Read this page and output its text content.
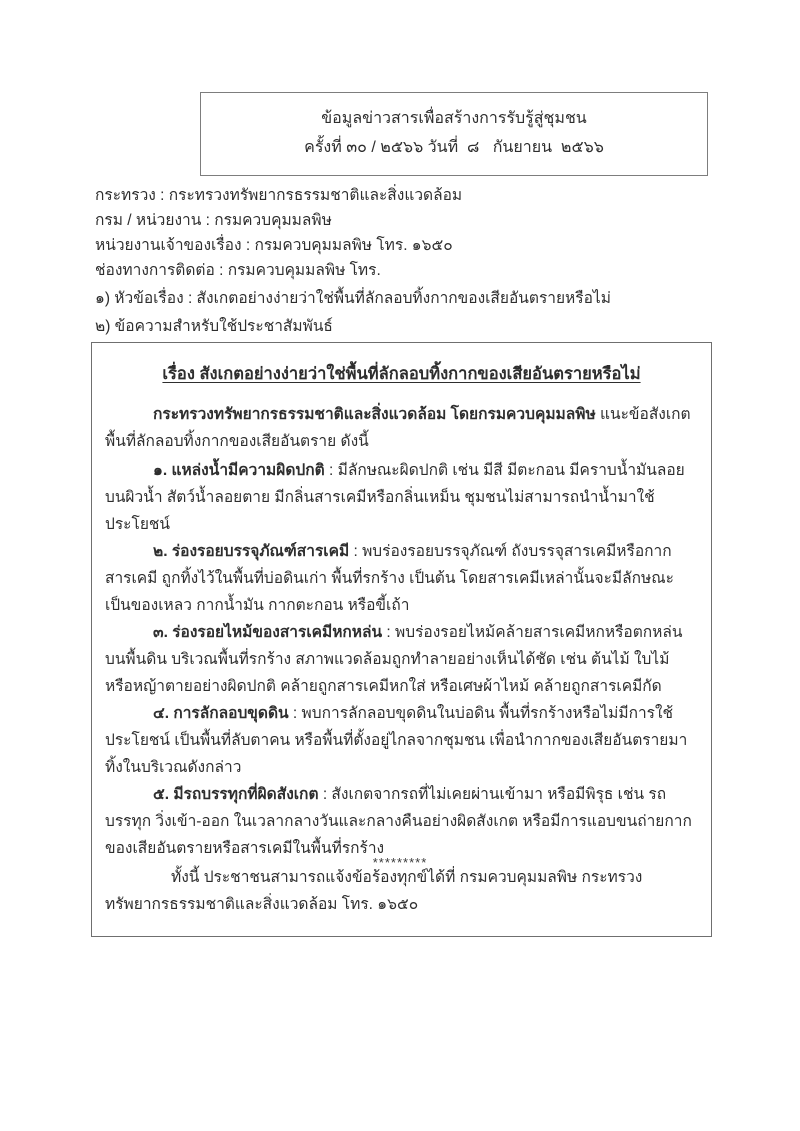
ข้อมูลข่าวสารเพื่อสร้างการรับรู้สู่ชุมชน
ครั้งที่ ๓๐ / ๒๕๖๖ วันที่  ๘   กันยายน  ๒๕๖๖
กระทรวง : กระทรวงทรัพยากรธรรมชาติและสิ่งแวดล้อม
กรม / หน่วยงาน : กรมควบคุมมลพิษ
หน่วยงานเจ้าของเรื่อง : กรมควบคุมมลพิษ โทร. ๑๖๕๐
ช่องทางการติดต่อ : กรมควบคุมมลพิษ โทร.
๑) หัวข้อเรื่อง : สังเกตอย่างง่ายว่าใช่พื้นที่ลักลอบทิ้งกากของเสียอันตรายหรือไม่
๒) ข้อความสำหรับใช้ประชาสัมพันธ์
เรื่อง สังเกตอย่างง่ายว่าใช่พื้นที่ลักลอบทิ้งกากของเสียอันตรายหรือไม่

กระทรวงทรัพยากรธรรมชาติและสิ่งแวดล้อม โดยกรมควบคุมมลพิษ แนะข้อสังเกตพื้นที่ลักลอบทิ้งกากของเสียอันตราย ดังนี้

๑. แหล่งน้ำมีความผิดปกติ : มีลักษณะผิดปกติ เช่น มีสี มีตะกอน มีคราบน้ำมันลอยบนผิวน้ำ สัตว์น้ำลอยตาย มีกลิ่นสารเคมีหรือกลิ่นเหม็น ชุมชนไม่สามารถนำน้ำมาใช้ประโยชน์

๒. ร่องรอยบรรจุภัณฑ์สารเคมี : พบร่องรอยบรรจุภัณฑ์ ถังบรรจุสารเคมีหรือกากสารเคมี ถูกทิ้งไว้ในพื้นที่บ่อดินเก่า พื้นที่รกร้าง เป็นต้น โดยสารเคมีเหล่านั้นจะมีลักษณะเป็นของเหลว กากน้ำมัน กากตะกอน หรือขี้เถ้า

๓. ร่องรอยไหม้ของสารเคมีหกหล่น : พบร่องรอยไหม้คล้ายสารเคมีหกหรือตกหล่นบนพื้นดิน บริเวณพื้นที่รกร้าง สภาพแวดล้อมถูกทำลายอย่างเห็นได้ชัด เช่น ต้นไม้ ใบไม้ หรือหญ้าตายอย่างผิดปกติ คล้ายถูกสารเคมีหกใส่ หรือเศษผ้าไหม้ คล้ายถูกสารเคมีกัด

๔. การลักลอบขุดดิน : พบการลักลอบขุดดินในบ่อดิน พื้นที่รกร้างหรือไม่มีการใช้ประโยชน์ เป็นพื้นที่ลับตาคน หรือพื้นที่ตั้งอยู่ไกลจากชุมชน เพื่อนำกากของเสียอันตรายมาทิ้งในบริเวณดังกล่าว

๕. มีรถบรรทุกที่ผิดสังเกต : สังเกตจากรถที่ไม่เคยผ่านเข้ามา หรือมีพิรุธ เช่น รถบรรทุก วิ่งเข้า-ออก ในเวลากลางวันและกลางคืนอย่างผิดสังเกต หรือมีการแอบขนถ่ายกากของเสียอันตรายหรือสารเคมีในพื้นที่รกร้าง

ทั้งนี้ ประชาชนสามารถแจ้งข้อร้องทุกข์ได้ที่ กรมควบคุมมลพิษ กระทรวงทรัพยากรธรรมชาติและสิ่งแวดล้อม โทร. ๑๖๕๐

*********
